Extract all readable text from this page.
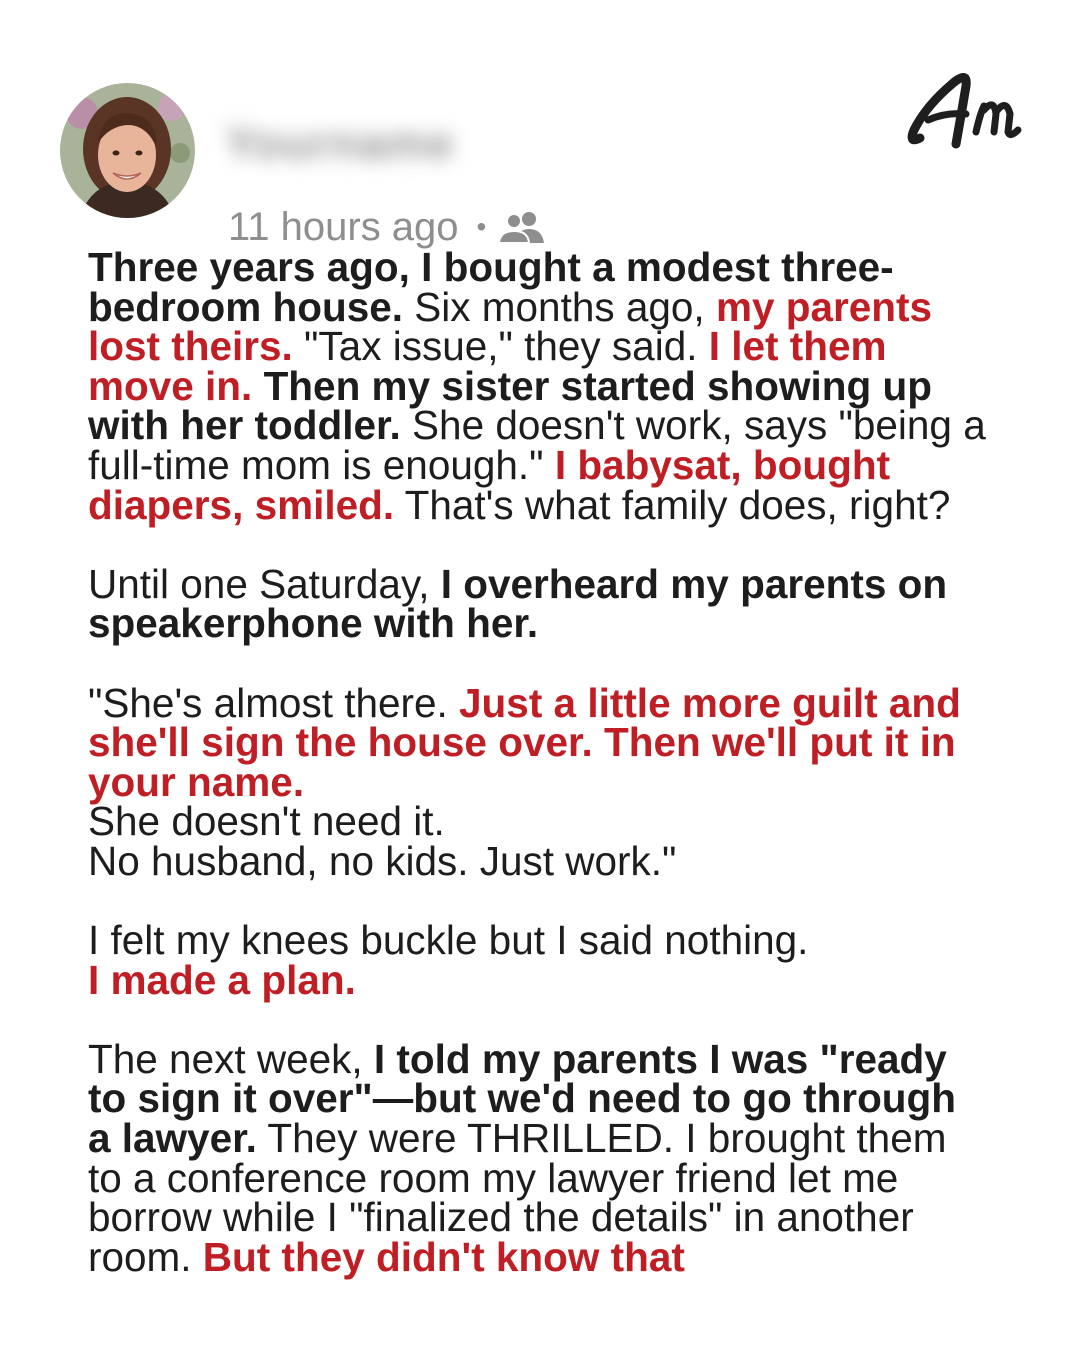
Yourname
11 hours ago •

Three years ago, I bought a modest three-bedroom house. Six months ago, my parents lost theirs. "Tax issue," they said. I let them move in. Then my sister started showing up with her toddler. She doesn't work, says "being a full-time mom is enough." I babysat, bought diapers, smiled. That's what family does, right?

Until one Saturday, I overheard my parents on speakerphone with her.

"She's almost there. Just a little more guilt and she'll sign the house over. Then we'll put it in your name.
She doesn't need it.
No husband, no kids. Just work."

I felt my knees buckle but I said nothing.
I made a plan.

The next week, I told my parents I was "ready to sign it over"—but we'd need to go through a lawyer. They were THRILLED. I brought them to a conference room my lawyer friend let me borrow while I "finalized the details" in another room. But they didn't know that
